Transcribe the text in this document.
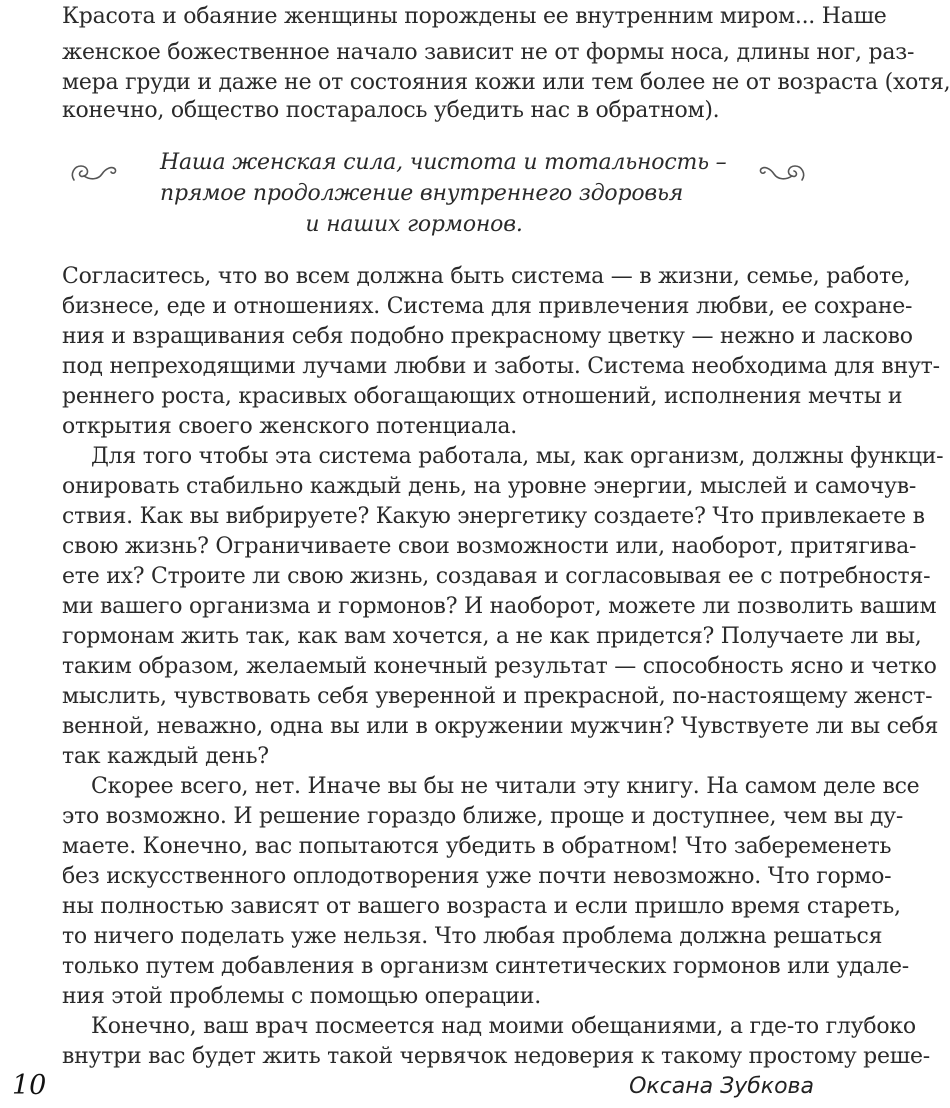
Красота и обаяние женщины порождены ее внутренним миром... Наше
женское божественное начало зависит не от формы носа, длины ног, раз-
мера груди и даже не от состояния кожи или тем более не от возраста (хотя,
конечно, общество постаралось убедить нас в обратном).
Наша женская сила, чистота и тотальность –
прямое продолжение внутреннего здоровья
и наших гормонов.
Согласитесь, что во всем должна быть система — в жизни, семье, работе,
бизнесе, еде и отношениях. Система для привлечения любви, ее сохране-
ния и взращивания себя подобно прекрасному цветку — нежно и ласково
под непреходящими лучами любви и заботы. Система необходима для внут-
реннего роста, красивых обогащающих отношений, исполнения мечты и
открытия своего женского потенциала.
Для того чтобы эта система работала, мы, как организм, должны функци-
онировать стабильно каждый день, на уровне энергии, мыслей и самочув-
ствия. Как вы вибрируете? Какую энергетику создаете? Что привлекаете в
свою жизнь? Ограничиваете свои возможности или, наоборот, притягива-
ете их? Строите ли свою жизнь, создавая и согласовывая ее с потребностя-
ми вашего организма и гормонов? И наоборот, можете ли позволить вашим
гормонам жить так, как вам хочется, а не как придется? Получаете ли вы,
таким образом, желаемый конечный результат — способность ясно и четко
мыслить, чувствовать себя уверенной и прекрасной, по-настоящему женст-
венной, неважно, одна вы или в окружении мужчин? Чувствуете ли вы себя
так каждый день?
Скорее всего, нет. Иначе вы бы не читали эту книгу. На самом деле все
это возможно. И решение гораздо ближе, проще и доступнее, чем вы ду-
маете. Конечно, вас попытаются убедить в обратном! Что забеременеть
без искусственного оплодотворения уже почти невозможно. Что гормо-
ны полностью зависят от вашего возраста и если пришло время стареть,
то ничего поделать уже нельзя. Что любая проблема должна решаться
только путем добавления в организм синтетических гормонов или удале-
ния этой проблемы с помощью операции.
Конечно, ваш врач посмеется над моими обещаниями, а где-то глубоко
внутри вас будет жить такой червячок недоверия к такому простому реше-
10	Оксана Зубкова
